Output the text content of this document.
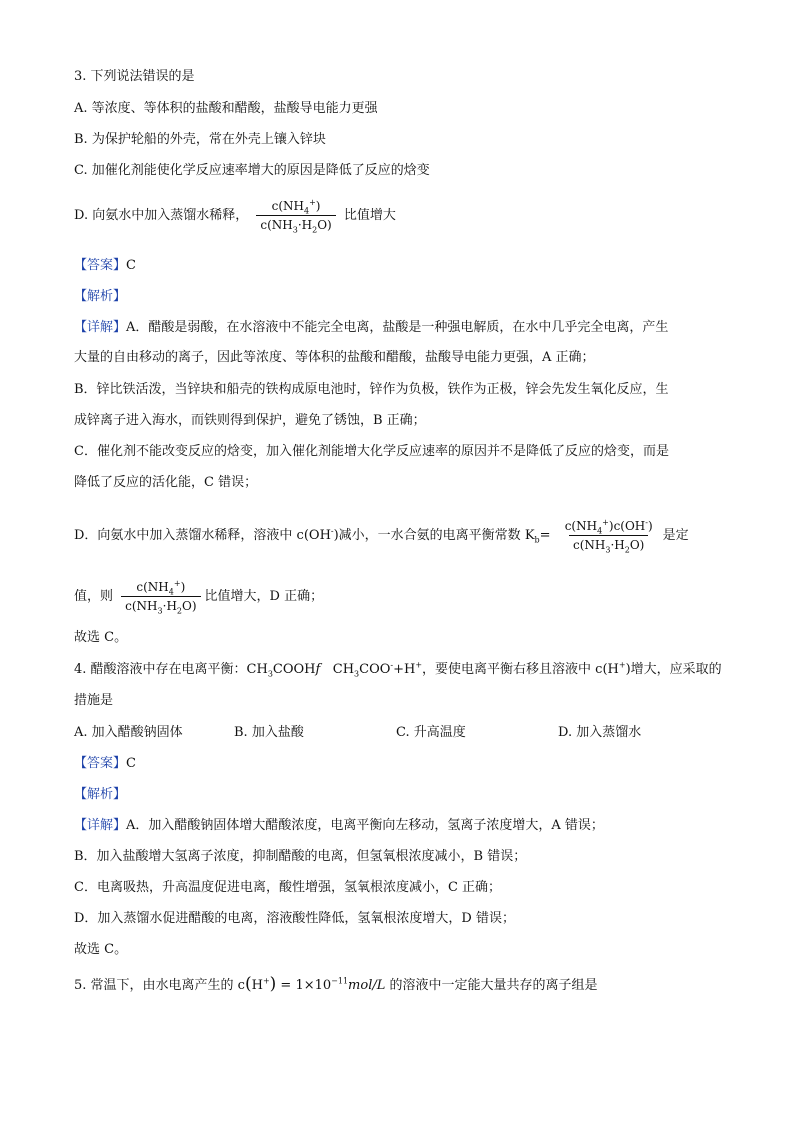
3. 下列说法错误的是
A. 等浓度、等体积的盐酸和醋酸，盐酸导电能力更强
B. 为保护轮船的外壳，常在外壳上镶入锌块
C. 加催化剂能使化学反应速率增大的原因是降低了反应的焓变
D. 向氨水中加入蒸馏水稀释， $\frac{c(NH_4^+)}{c(NH_3\cdot H_2O)}$ 比值增大
【答案】C
【解析】
【详解】A．醋酸是弱酸，在水溶液中不能完全电离，盐酸是一种强电解质，在水中几乎完全电离，产生
大量的自由移动的离子，因此等浓度、等体积的盐酸和醋酸，盐酸导电能力更强，A 正确；
B．锌比铁活泼，当锌块和船壳的铁构成原电池时，锌作为负极，铁作为正极，锌会先发生氧化反应，生
成锌离子进入海水，而铁则得到保护，避免了锈蚀，B 正确；
C．催化剂不能改变反应的焓变，加入催化剂能增大化学反应速率的原因并不是降低了反应的焓变，而是
降低了反应的活化能，C 错误；
D．向氨水中加入蒸馏水稀释，溶液中 c(OH-)减小，一水合氨的电离平衡常数 $K_b= \frac{c(NH_4^+)c(OH^-)}{c(NH_3\cdot H_2O)}$ 是定
值，则 $\frac{c(NH_4^+)}{c(NH_3\cdot H_2O)}$ 比值增大，D 正确；
故选 C。
4. 醋酸溶液中存在电离平衡：$CH_3COOHf$ $CH_3COO^-+H^+$，要使电离平衡右移且溶液中 c(H+)增大，应采取的
措施是
A. 加入醋酸钠固体	B. 加入盐酸	C. 升高温度	D. 加入蒸馏水
【答案】C
【解析】
【详解】A．加入醋酸钠固体增大醋酸浓度，电离平衡向左移动，氢离子浓度增大，A 错误；
B．加入盐酸增大氢离子浓度，抑制醋酸的电离，但氢氧根浓度减小，B 错误；
C．电离吸热，升高温度促进电离，酸性增强，氢氧根浓度减小，C 正确；
D．加入蒸馏水促进醋酸的电离，溶液酸性降低，氢氧根浓度增大，D 错误；
故选 C。
5. 常温下，由水电离产生的 $c(H^+) = 1\times 10^{-11}mol/L$ 的溶液中一定能大量共存的离子组是
